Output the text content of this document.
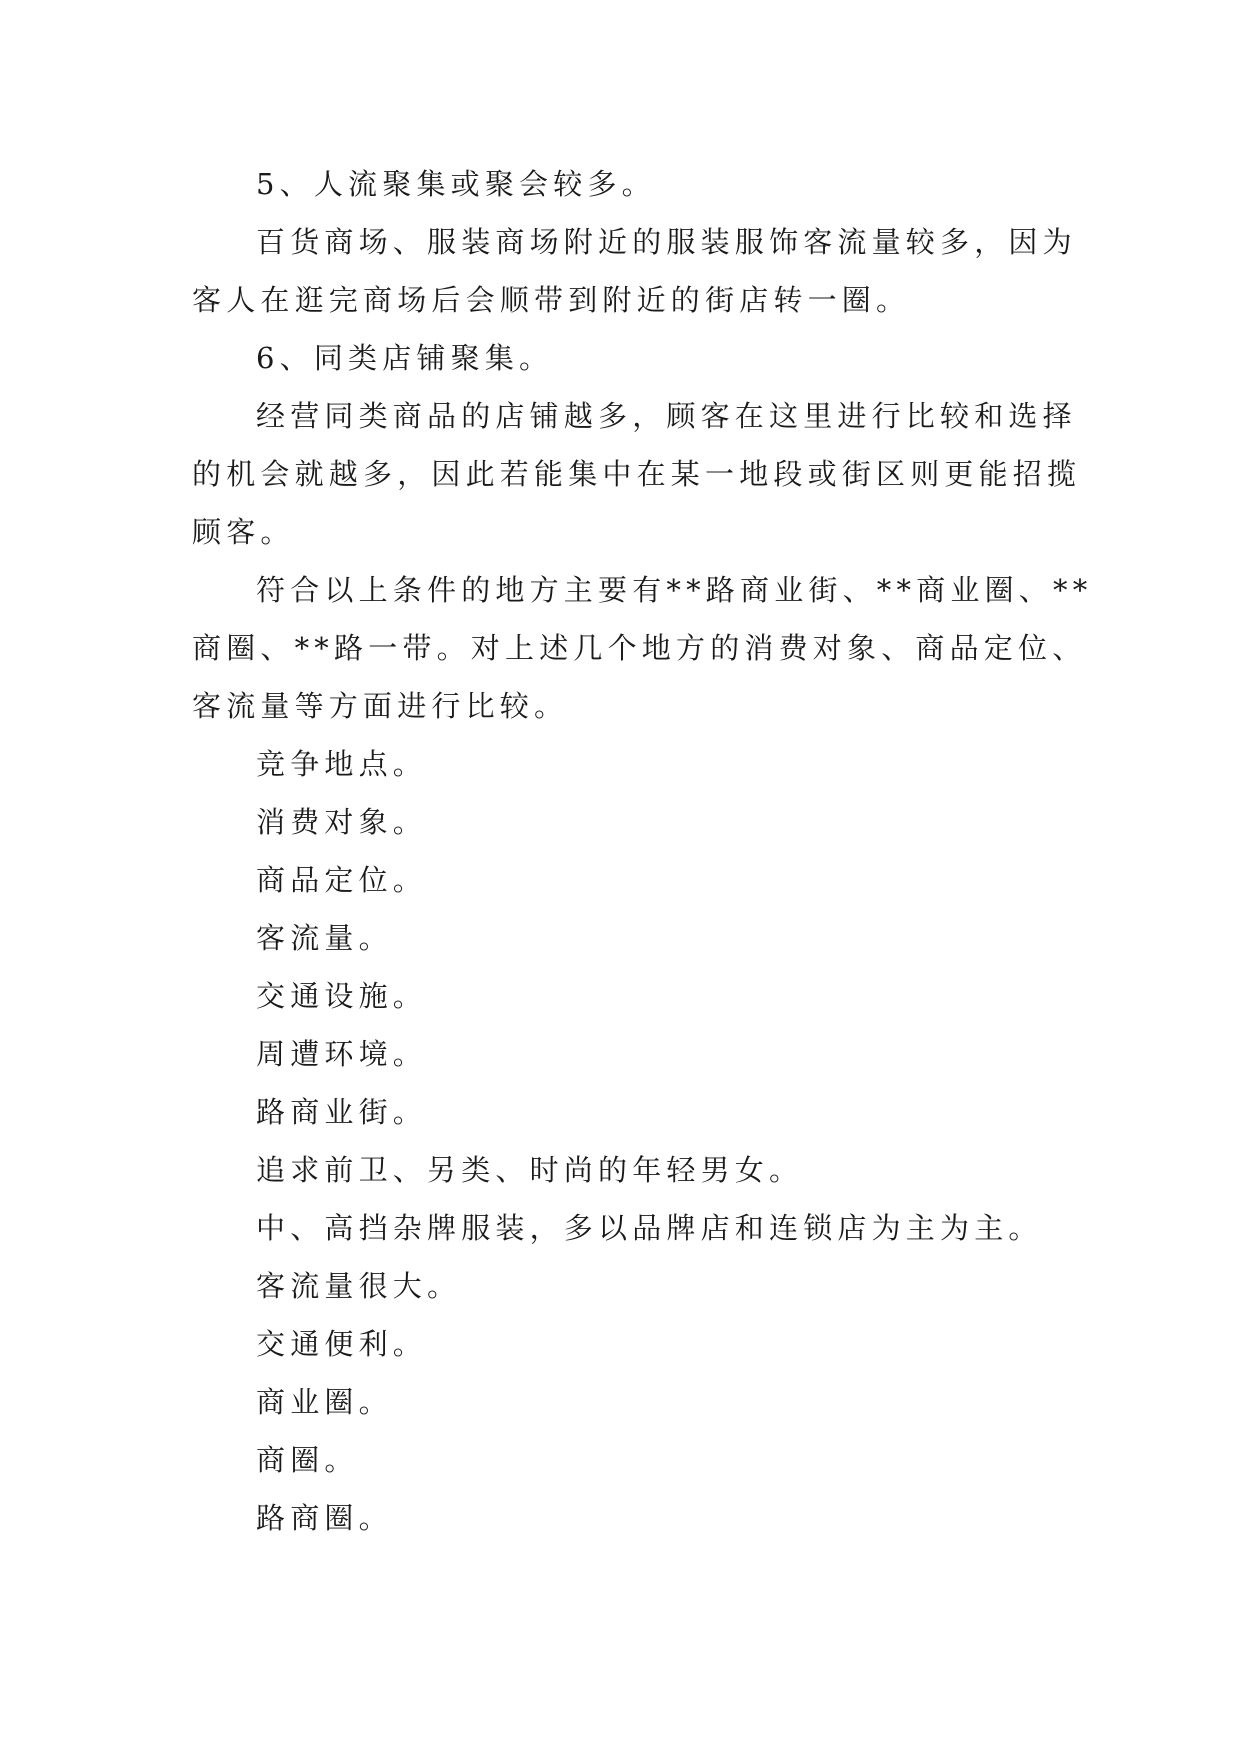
5、人流聚集或聚会较多。
百货商场、服装商场附近的服装服饰客流量较多，因为
客人在逛完商场后会顺带到附近的街店转一圈。
6、同类店铺聚集。
经营同类商品的店铺越多，顾客在这里进行比较和选择
的机会就越多，因此若能集中在某一地段或街区则更能招揽
顾客。
符合以上条件的地方主要有**路商业街、**商业圈、**
商圈、**路一带。对上述几个地方的消费对象、商品定位、
客流量等方面进行比较。
竞争地点。
消费对象。
商品定位。
客流量。
交通设施。
周遭环境。
路商业街。
追求前卫、另类、时尚的年轻男女。
中、高挡杂牌服装，多以品牌店和连锁店为主为主。
客流量很大。
交通便利。
商业圈。
商圈。
路商圈。
